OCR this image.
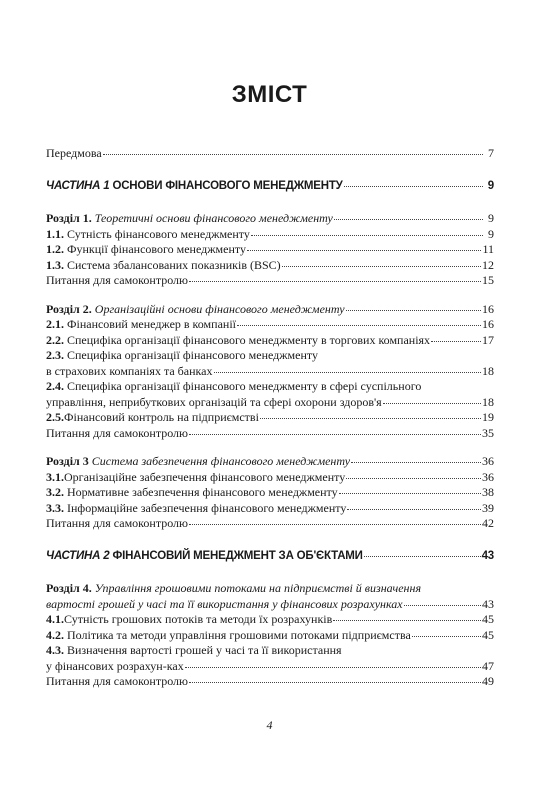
ЗМІСТ
Передмова	7
ЧАСТИНА 1 ОСНОВИ ФІНАНСОВОГО МЕНЕДЖМЕНТУ	9
Розділ 1. Теоретичні основи фінансового менеджменту	9
1.1. Сутність фінансового менеджменту	9
1.2. Функції фінансового менеджменту	11
1.3. Система збалансованих показників (BSC)	12
Питання для самоконтролю	15
Розділ 2. Організаційні основи фінансового менеджменту	16
2.1. Фінансовий менеджер в компанії	16
2.2. Специфіка організації фінансового менеджменту в торгових компаніях	17
2.3. Специфіка організації фінансового менеджменту
в страхових компаніях та банках	18
2.4. Специфіка організації фінансового менеджменту в сфері суспільного
управління, неприбуткових організацій та сфері охорони здоров'я	18
2.5.Фінансовий контроль на підприємстві	19
Питання для самоконтролю	35
Розділ 3 Система забезпечення фінансового менеджменту	36
3.1.Організаційне забезпечення фінансового менеджменту	36
3.2. Нормативне забезпечення фінансового менеджменту	38
3.3. Інформаційне забезпечення фінансового менеджменту	39
Питання для самоконтролю	42
ЧАСТИНА 2 ФІНАНСОВИЙ МЕНЕДЖМЕНТ ЗА ОБ'ЄКТАМИ	43
Розділ 4. Управління грошовими потоками на підприємстві й визначення
вартості грошей у часі та її використання у фінансових розрахунках	43
4.1.Сутність грошових потоків та методи їх розрахунків	45
4.2. Політика та методи управління грошовими потоками підприємства	45
4.3. Визначення вартості грошей у часі та її використання
у фінансових розрахун-ках	47
Питання для самоконтролю	49
4
